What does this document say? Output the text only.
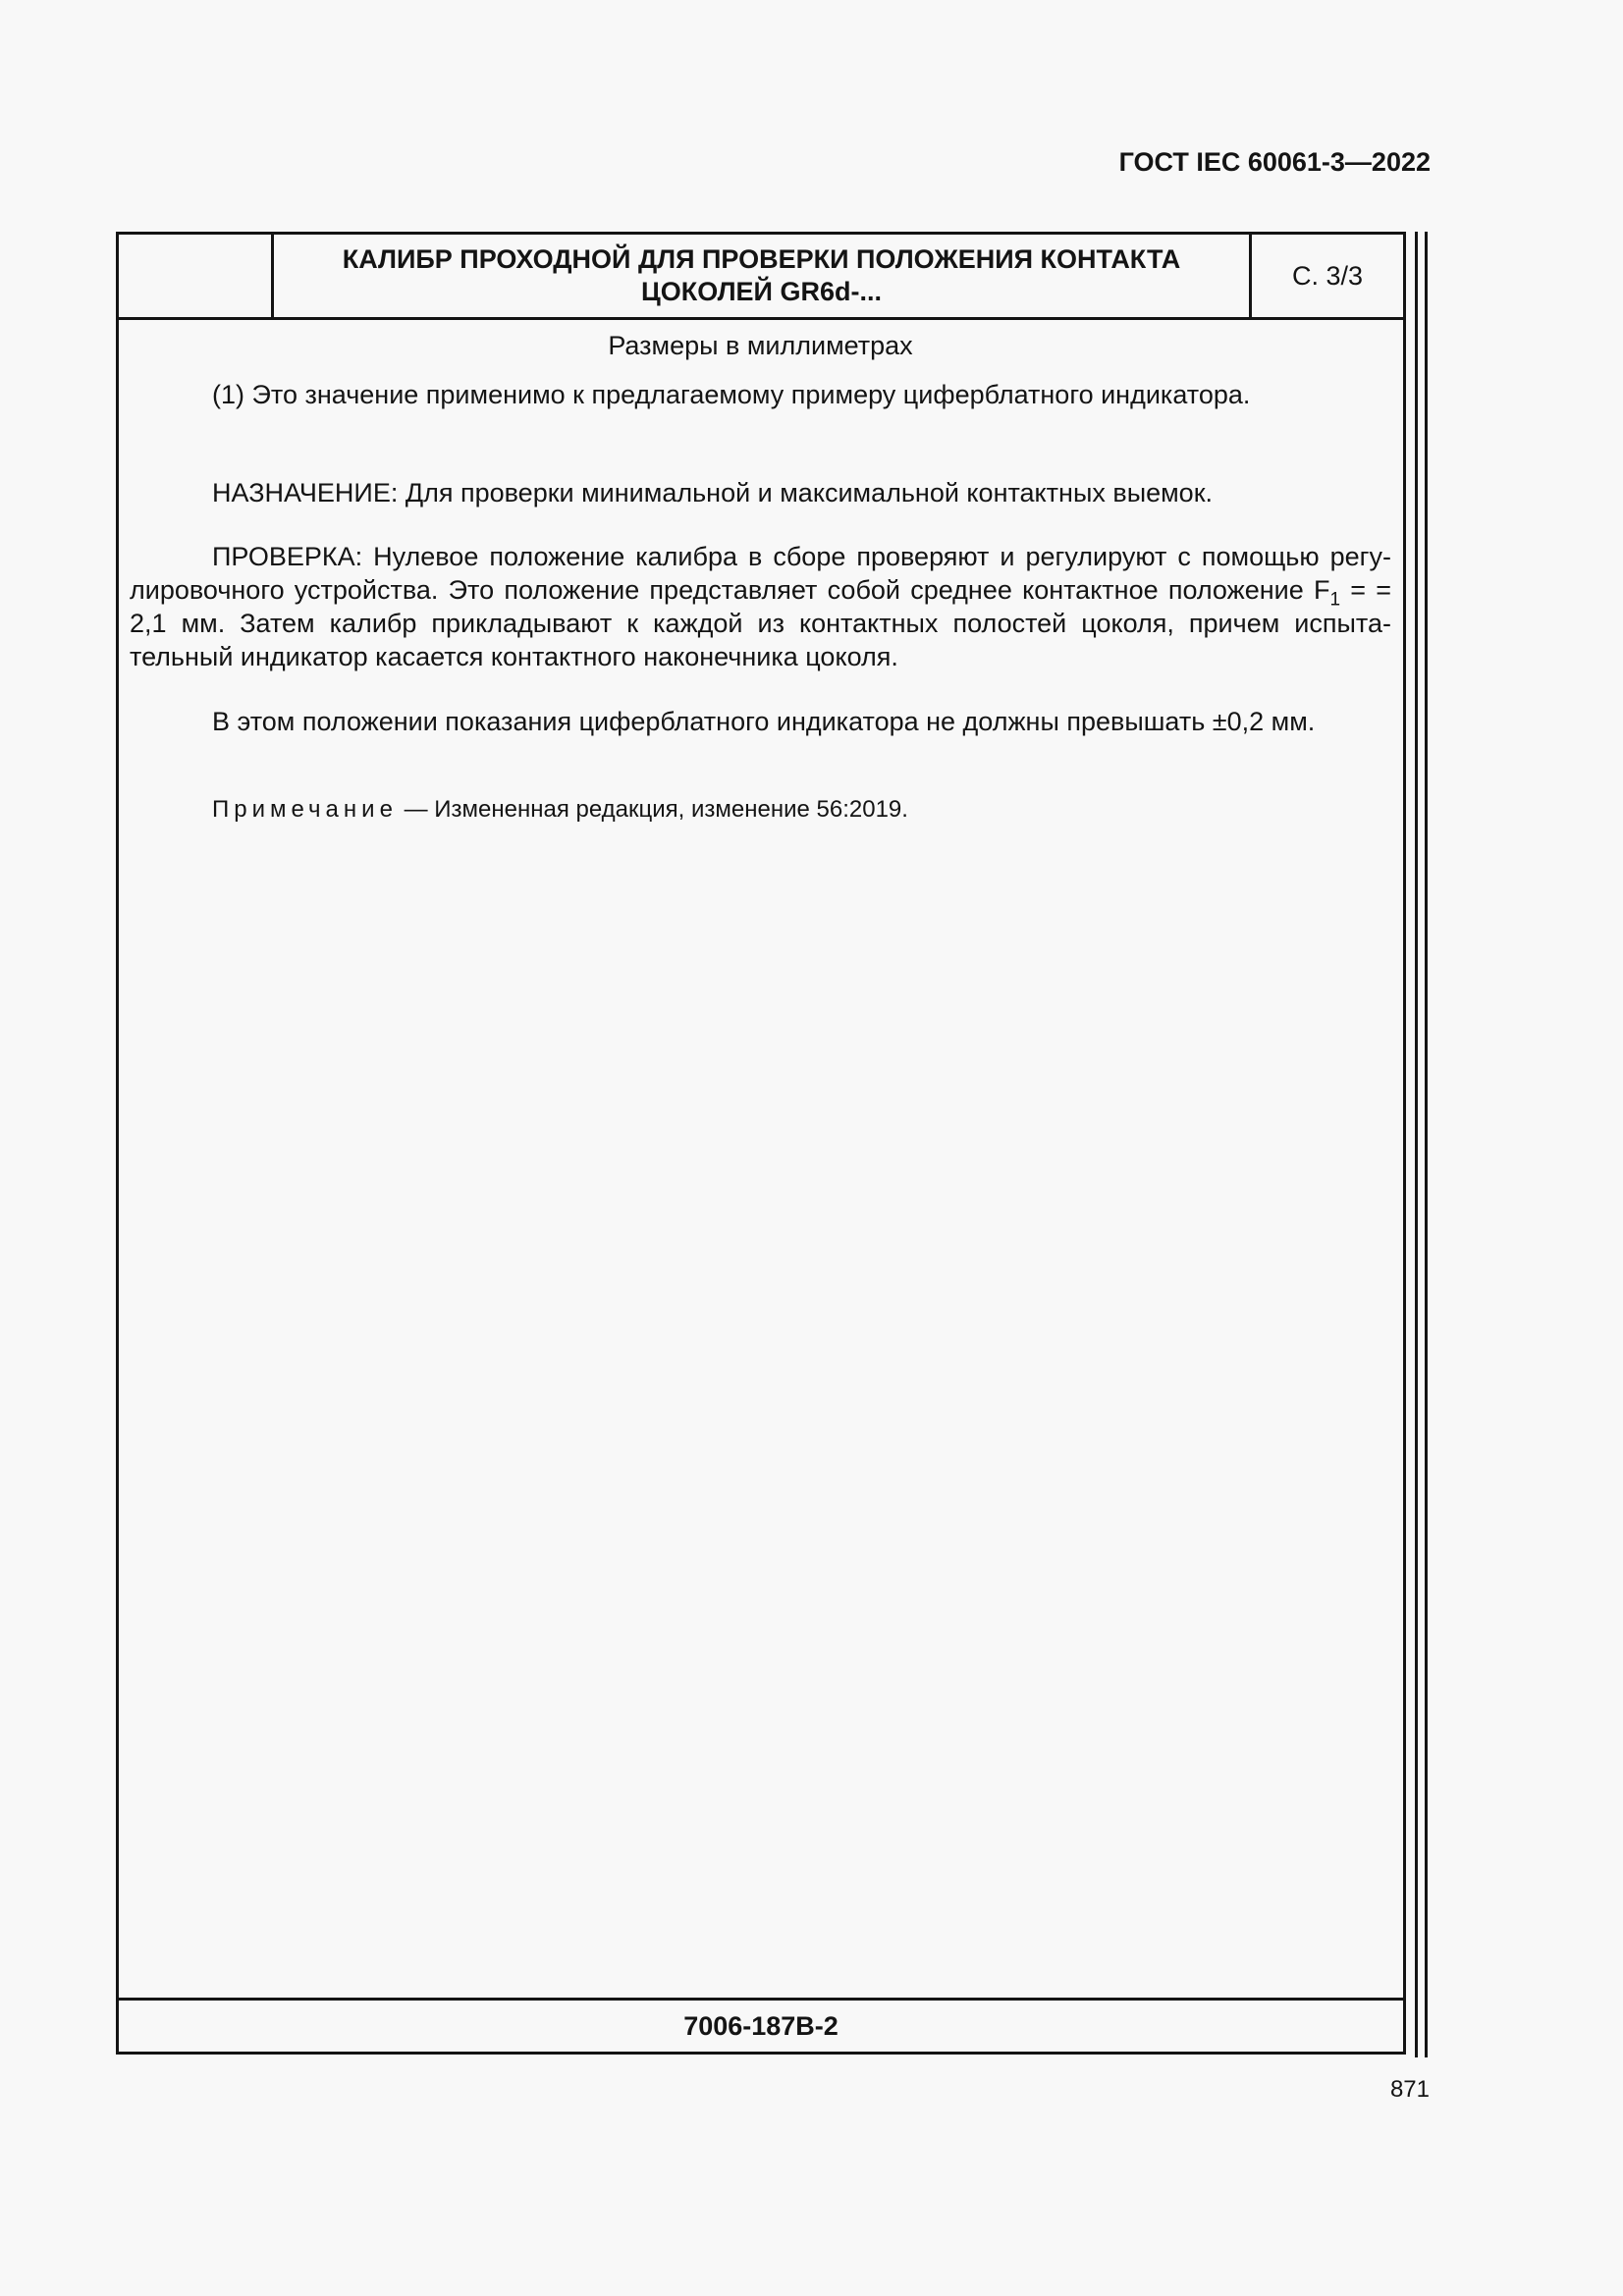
ГОСТ IEC 60061-3—2022
КАЛИБР ПРОХОДНОЙ ДЛЯ ПРОВЕРКИ ПОЛОЖЕНИЯ КОНТАКТА
ЦОКОЛЕЙ GR6d-...
С. 3/3
Размеры в миллиметрах

(1) Это значение применимо к предлагаемому примеру циферблатного индикатора.

НАЗНАЧЕНИЕ: Для проверки минимальной и максимальной контактных выемок.

ПРОВЕРКА: Нулевое положение калибра в сборе проверяют и регулируют с помощью регулировочного устройства. Это положение представляет собой среднее контактное положение $F_1$ = = 2,1 мм. Затем калибр прикладывают к каждой из контактных полостей цоколя, причем испытательный индикатор касается контактного наконечника цоколя.

В этом положении показания циферблатного индикатора не должны превышать ±0,2 мм.

Примечание — Измененная редакция, изменение 56:2019.

7006-187B-2
871
